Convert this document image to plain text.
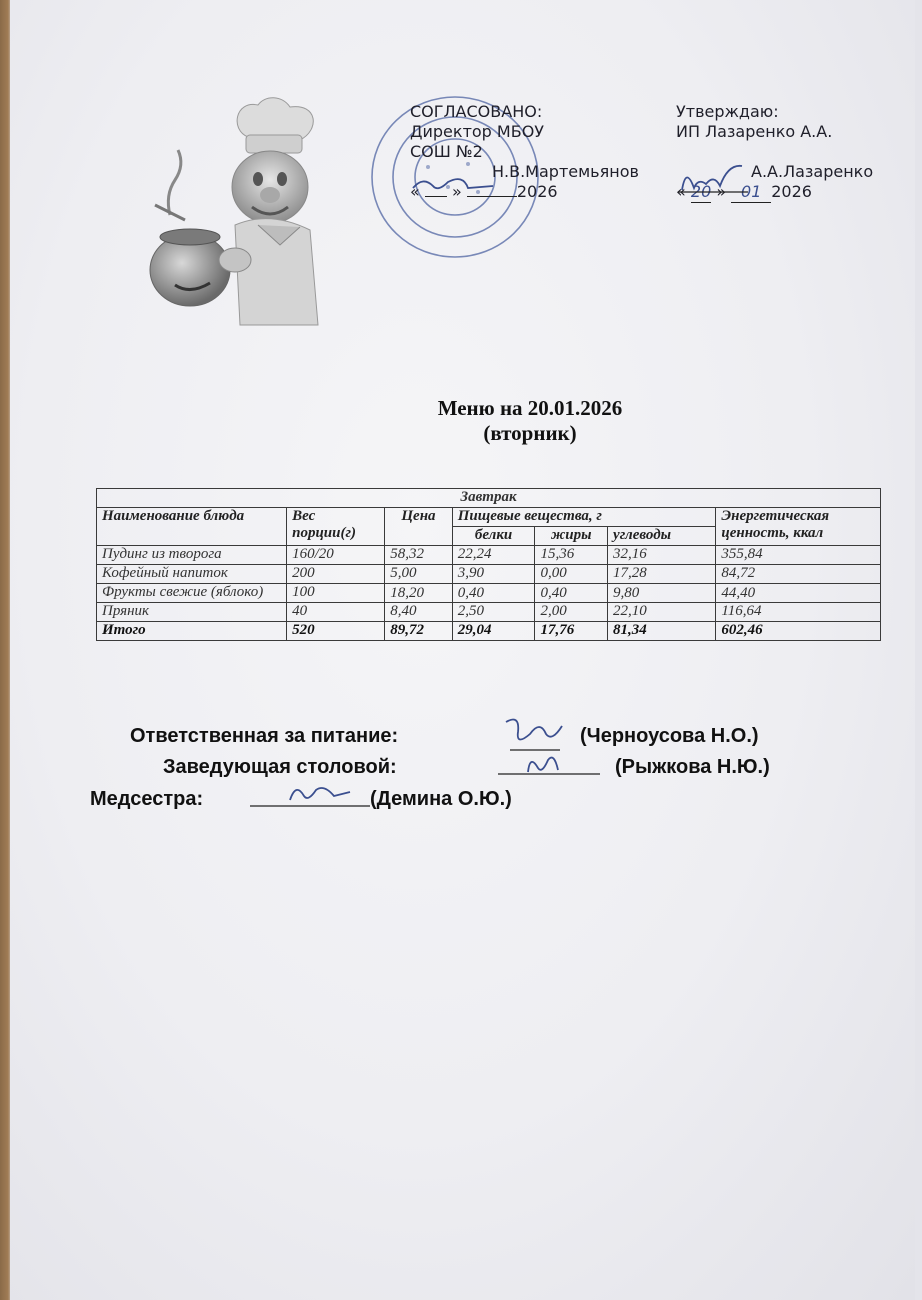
СОГЛАСОВАНО:
Директор МБОУ
СОШ №2
Н.В.Мартемьянов
« »	2026
Утверждаю:
ИП Лазаренко А.А.
А.А.Лазаренко
« 20 » 01 2026
Меню на 20.01.2026
(вторник)
Завтрак						
Наименование блюда	Вес порции(г)	Цена	Пищевые вещества, г			Энергетическая ценность, ккал
			белки	жиры	углеводы	
Пудинг из творога	160/20	58,32	22,24	15,36	32,16	355,84
Кофейный напиток	200	5,00	3,90	0,00	17,28	84,72
Фрукты свежие (яблоко)	100	18,20	0,40	0,40	9,80	44,40
Пряник	40	8,40	2,50	2,00	22,10	116,64
Итого	520	89,72	29,04	17,76	81,34	602,46
Ответственная за питание:	(Черноусова Н.О.)
Заведующая столовой:	(Рыжкова Н.Ю.)
Медсестра:	(Демина О.Ю.)
